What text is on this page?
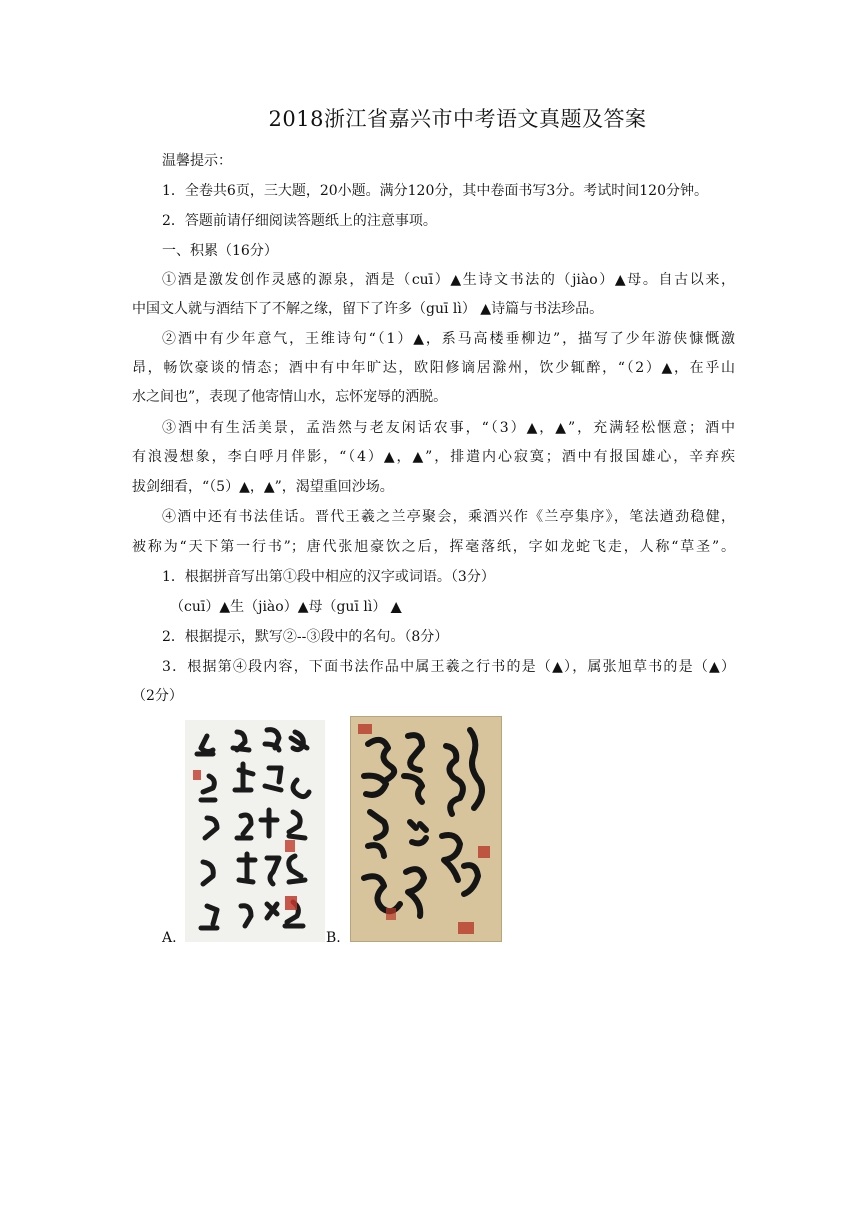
2018浙江省嘉兴市中考语文真题及答案
温馨提示：
1．全卷共6页，三大题，20小题。满分120分，其中卷面书写3分。考试时间120分钟。
2．答题前请仔细阅读答题纸上的注意事项。
一、积累（16分）
①酒是激发创作灵感的源泉，酒是（cuī）▲生诗文书法的（jiào）▲母。自古以来，
中国文人就与酒结下了不解之缘，留下了许多（guī lì） ▲诗篇与书法珍品。
②酒中有少年意气，王维诗句“（1）▲，系马高楼垂柳边”，描写了少年游侠慷慨激
昂，畅饮豪谈的情态；酒中有中年旷达，欧阳修谪居滁州，饮少辄醉，“（2）▲，在乎山
水之间也”，表现了他寄情山水，忘怀宠辱的洒脱。
③酒中有生活美景，孟浩然与老友闲话农事，“（3）▲，▲”，充满轻松惬意；酒中
有浪漫想象，李白呼月伴影，“（4）▲，▲”，排遣内心寂寞；酒中有报国雄心，辛弃疾
拔剑细看，“（5）▲，▲”，渴望重回沙场。
④酒中还有书法佳话。晋代王羲之兰亭聚会，乘酒兴作《兰亭集序》，笔法遒劲稳健，
被称为“天下第一行书”；唐代张旭豪饮之后，挥毫落纸，字如龙蛇飞走，人称“草圣”。
1．根据拼音写出第①段中相应的汉字或词语。（3分）
（cuī）▲生（jiào）▲母（guī lì） ▲
2．根据提示，默写②--③段中的名句。（8分）
3．根据第④段内容，下面书法作品中属王羲之行书的是（▲），属张旭草书的是（▲）
（2分）
A.	B.
